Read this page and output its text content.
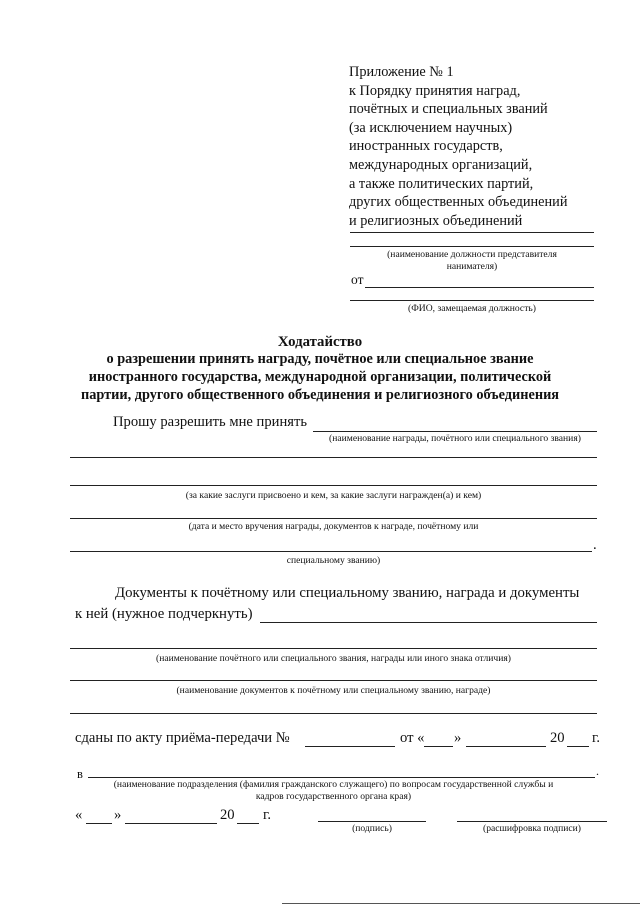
Приложение № 1
к Порядку принятия наград,
почётных и специальных званий
(за исключением научных)
иностранных государств,
международных организаций,
а также политических партий,
других общественных объединений
и религиозных объединений
(наименование должности представителя
нанимателя)
от
(ФИО, замещаемая должность)
Ходатайство
о разрешении принять награду, почётное или специальное звание
иностранного государства, международной организации, политической
партии, другого общественного объединения и религиозного объединения
Прошу разрешить мне принять
(наименование награды, почётного или специального звания)
(за какие заслуги присвоено и кем, за какие заслуги награжден(а) и кем)
(дата и место вручения награды, документов к награде, почётному или
.
специальному званию)
Документы к почётному или специальному званию, награда и документы
к ней (нужное подчеркнуть)
(наименование почётного или специального звания, награды или иного знака отличия)
(наименование документов к почётному или специальному званию, награде)
сданы по акту приёма-передачи №	от « »	20 г.
в	.
(наименование подразделения (фамилия гражданского служащего) по вопросам государственной службы и
кадров государственного органа края)
« »	20 г.
(подпись)	(расшифровка подписи)
